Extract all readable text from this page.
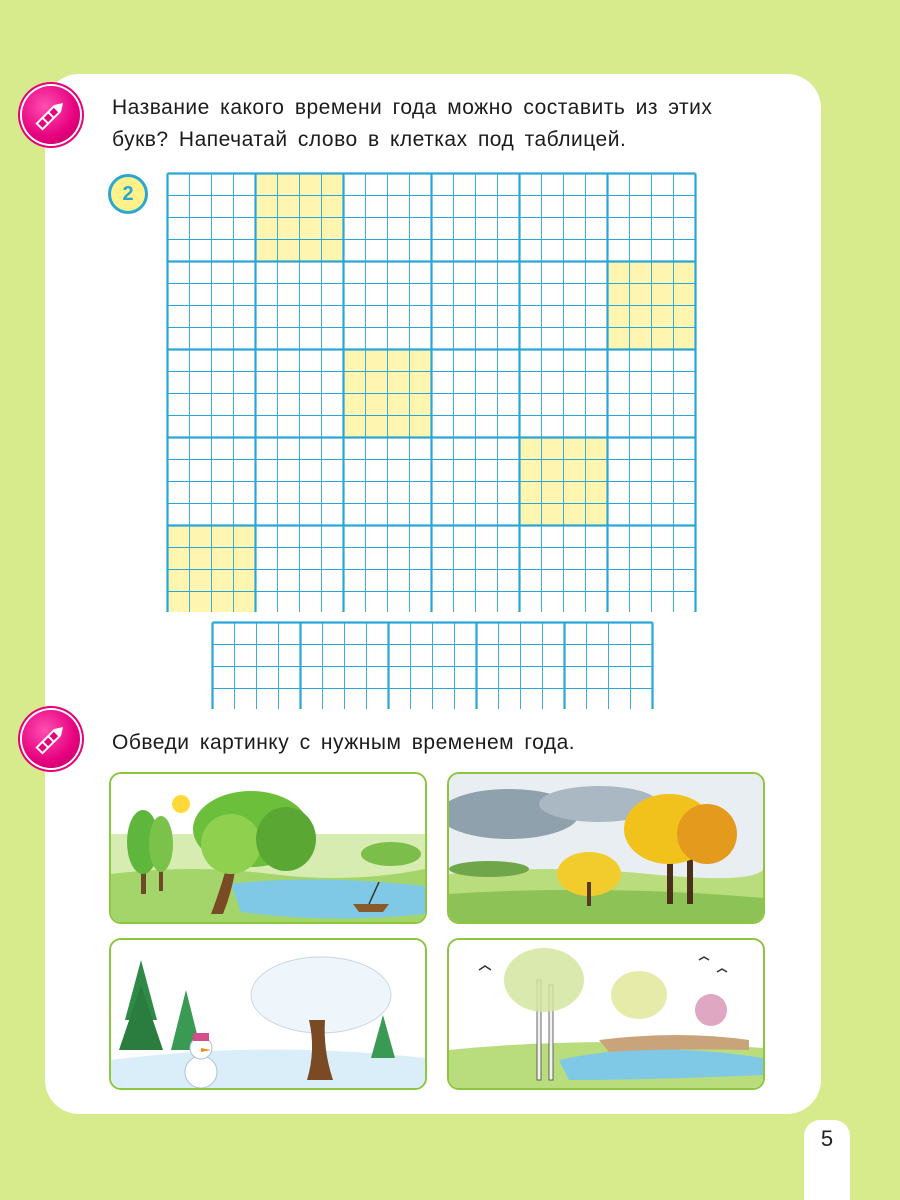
Название какого времени года можно составить из этих
букв? Напечатай слово в клетках под таблицей.
2
Обведи картинку с нужным временем года.
5
